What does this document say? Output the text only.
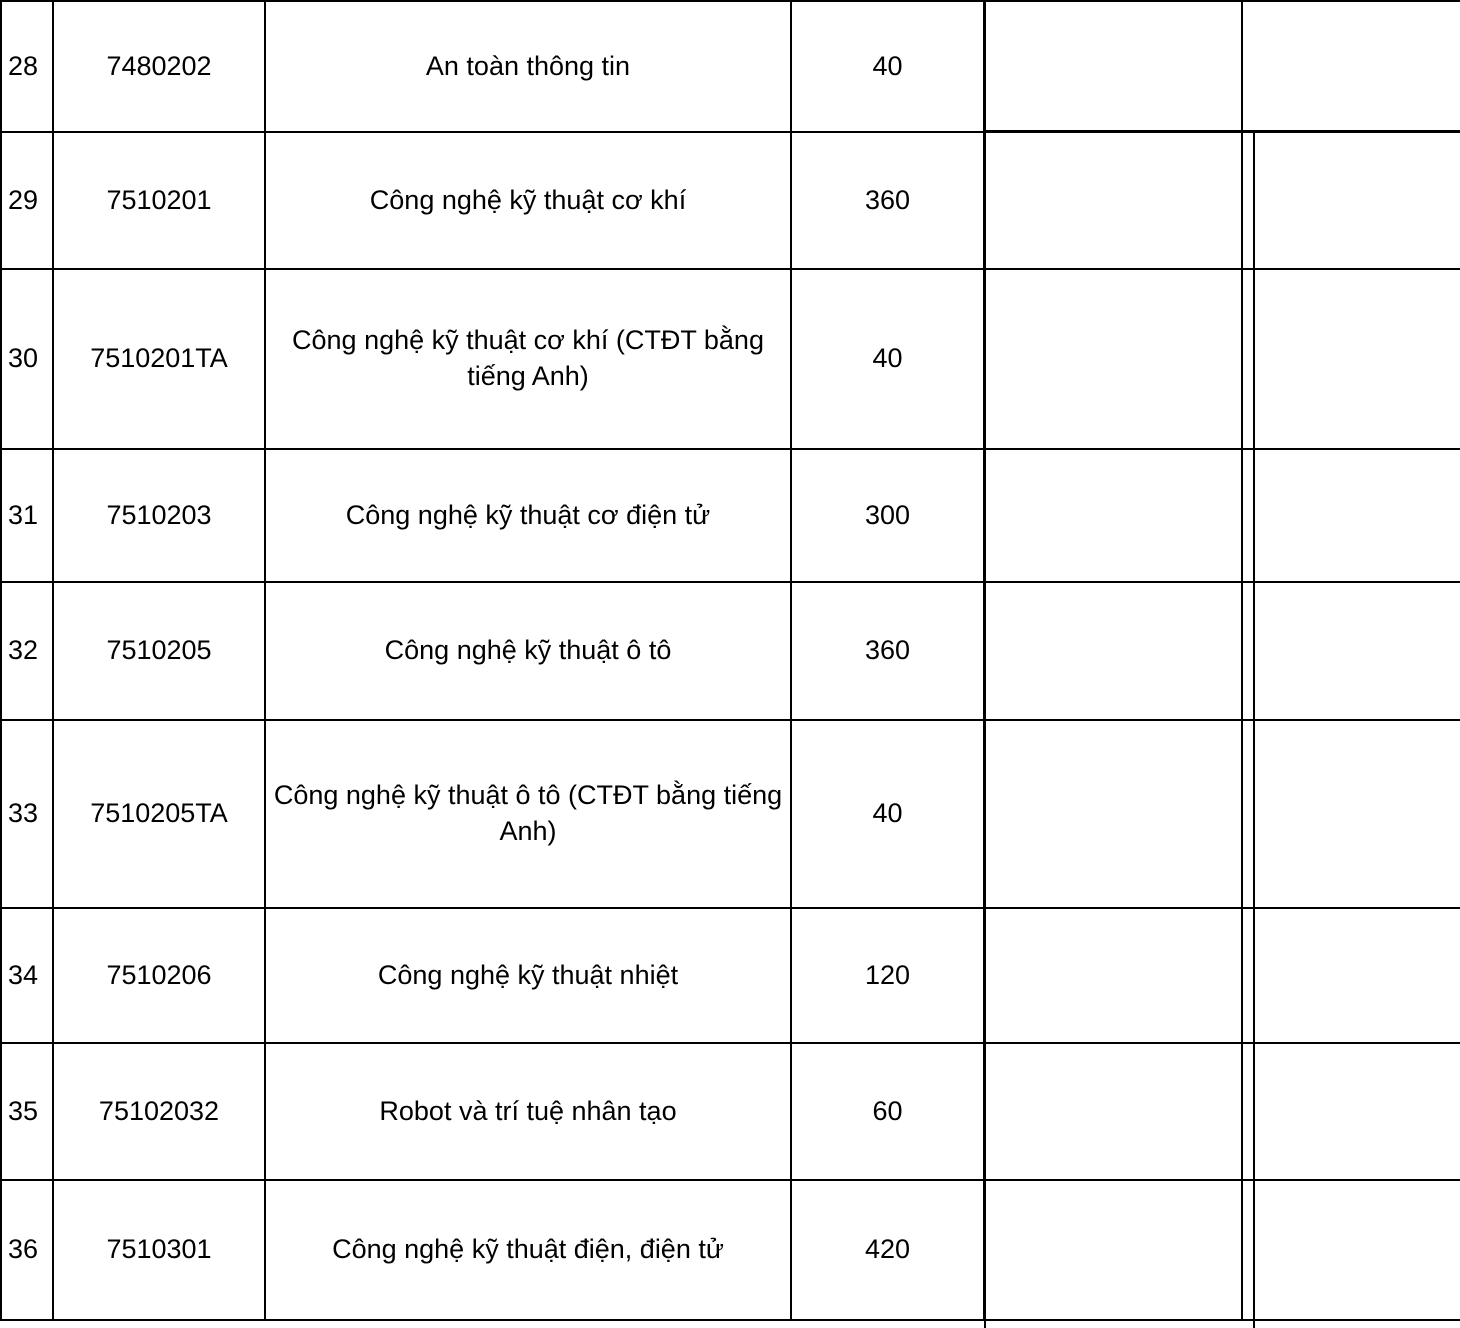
28	7480202	An toàn thông tin	40		
29	7510201	Công nghệ kỹ thuật cơ khí	360		
30	7510201TA	Công nghệ kỹ thuật cơ khí (CTĐT bằng tiếng Anh)	40		
31	7510203	Công nghệ kỹ thuật cơ điện tử	300		
32	7510205	Công nghệ kỹ thuật ô tô	360		
33	7510205TA	Công nghệ kỹ thuật ô tô (CTĐT bằng tiếng Anh)	40		
34	7510206	Công nghệ kỹ thuật nhiệt	120		
35	75102032	Robot và trí tuệ nhân tạo	60		
36	7510301	Công nghệ kỹ thuật điện, điện tử	420		
